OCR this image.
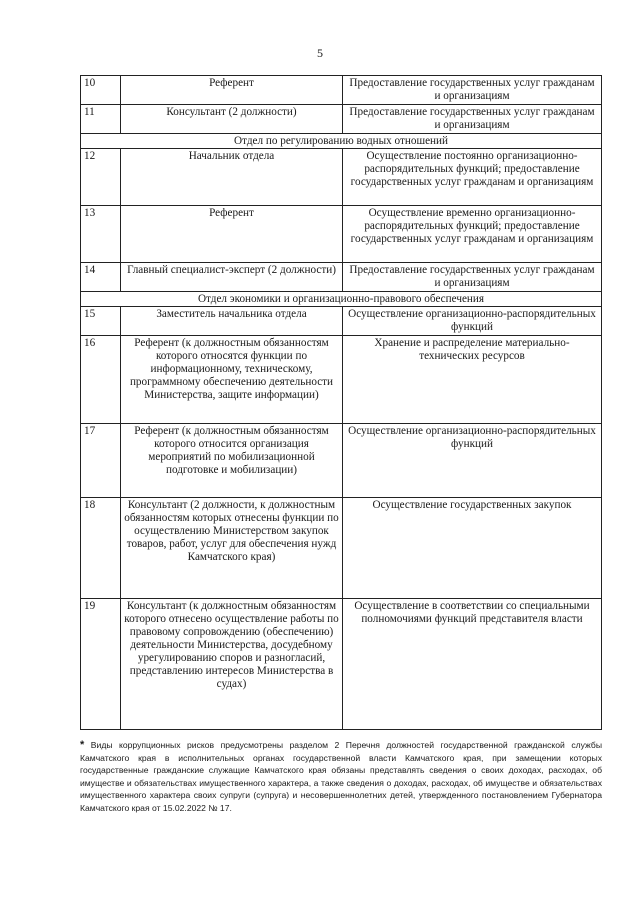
5
10	Референт	Предоставление государственных услуг гражданам и организациям
11	Консультант (2 должности)	Предоставление государственных услуг гражданам и организациям
Отдел по регулированию водных отношений		
12	Начальник отдела	Осуществление постоянно организационно-распорядительных функций; предоставление государственных услуг гражданам и организациям
13	Референт	Осуществление временно организационно-распорядительных функций; предоставление государственных услуг гражданам и организациям
14	Главный специалист-эксперт (2 должности)	Предоставление государственных услуг гражданам и организациям
Отдел экономики и организационно-правового обеспечения		
15	Заместитель начальника отдела	Осуществление организационно-распорядительных функций
16	Референт (к должностным обязанностям которого относятся функции по информационному, техническому, программному обеспечению деятельности Министерства, защите информации)	Хранение и распределение материально-технических ресурсов
17	Референт (к должностным обязанностям которого относится организация мероприятий по мобилизационной подготовке и мобилизации)	Осуществление организационно-распорядительных функций
18	Консультант (2 должности, к должностным обязанностям которых отнесены функции по осуществлению Министерством закупок товаров, работ, услуг для обеспечения нужд Камчатского края)	Осуществление государственных закупок
19	Консультант (к должностным обязанностям которого отнесено осуществление работы по правовому сопровождению (обеспечению) деятельности Министерства, досудебному урегулированию споров и разногласий, представлению интересов Министерства в судах)	Осуществление в соответствии со специальными полномочиями функций представителя власти
* Виды коррупционных рисков предусмотрены разделом 2 Перечня должностей государственной гражданской службы Камчатского края в исполнительных органах государственной власти Камчатского края, при замещении которых государственные гражданские служащие Камчатского края обязаны представлять сведения о своих доходах, расходах, об имуществе и обязательствах имущественного характера, а также сведения о доходах, расходах, об имуществе и обязательствах имущественного характера своих супруги (супруга) и несовершеннолетних детей, утвержденного постановлением Губернатора Камчатского края от 15.02.2022 № 17.
